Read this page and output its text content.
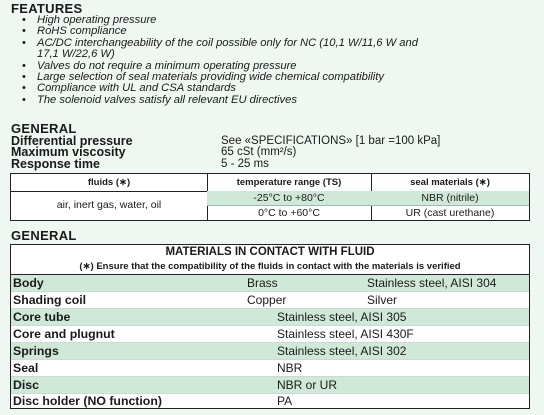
FEATURES
• High operating pressure
• RoHS compliance
• AC/DC interchangeability of the coil possible only for NC (10,1 W/11,6 W and
17,1 W/22,6 W)
• Valves do not require a minimum operating pressure
• Large selection of seal materials providing wide chemical compatibility
• Compliance with UL and CSA standards
• The solenoid valves satisfy all relevant EU directives
GENERAL
Differential pressure	See «SPECIFICATIONS» [1 bar =100 kPa]
Maximum viscosity	65 cSt (mm²/s)
Response time	5 - 25 ms
fluids (∗)	temperature range (TS)	seal materials (∗)
air, inert gas, water, oil
-25°C to +80°C	NBR (nitrile)
0°C to +60°C	UR (cast urethane)
GENERAL
MATERIALS IN CONTACT WITH FLUID
(∗) Ensure that the compatibility of the fluids in contact with the materials is verified
Body	Brass	Stainless steel, AISI 304
Shading coil	Copper	Silver
Core tube	Stainless steel, AISI 305
Core and plugnut	Stainless steel, AISI 430F
Springs	Stainless steel, AISI 302
Seal	NBR
Disc	NBR or UR
Disc holder (NO function)	PA
